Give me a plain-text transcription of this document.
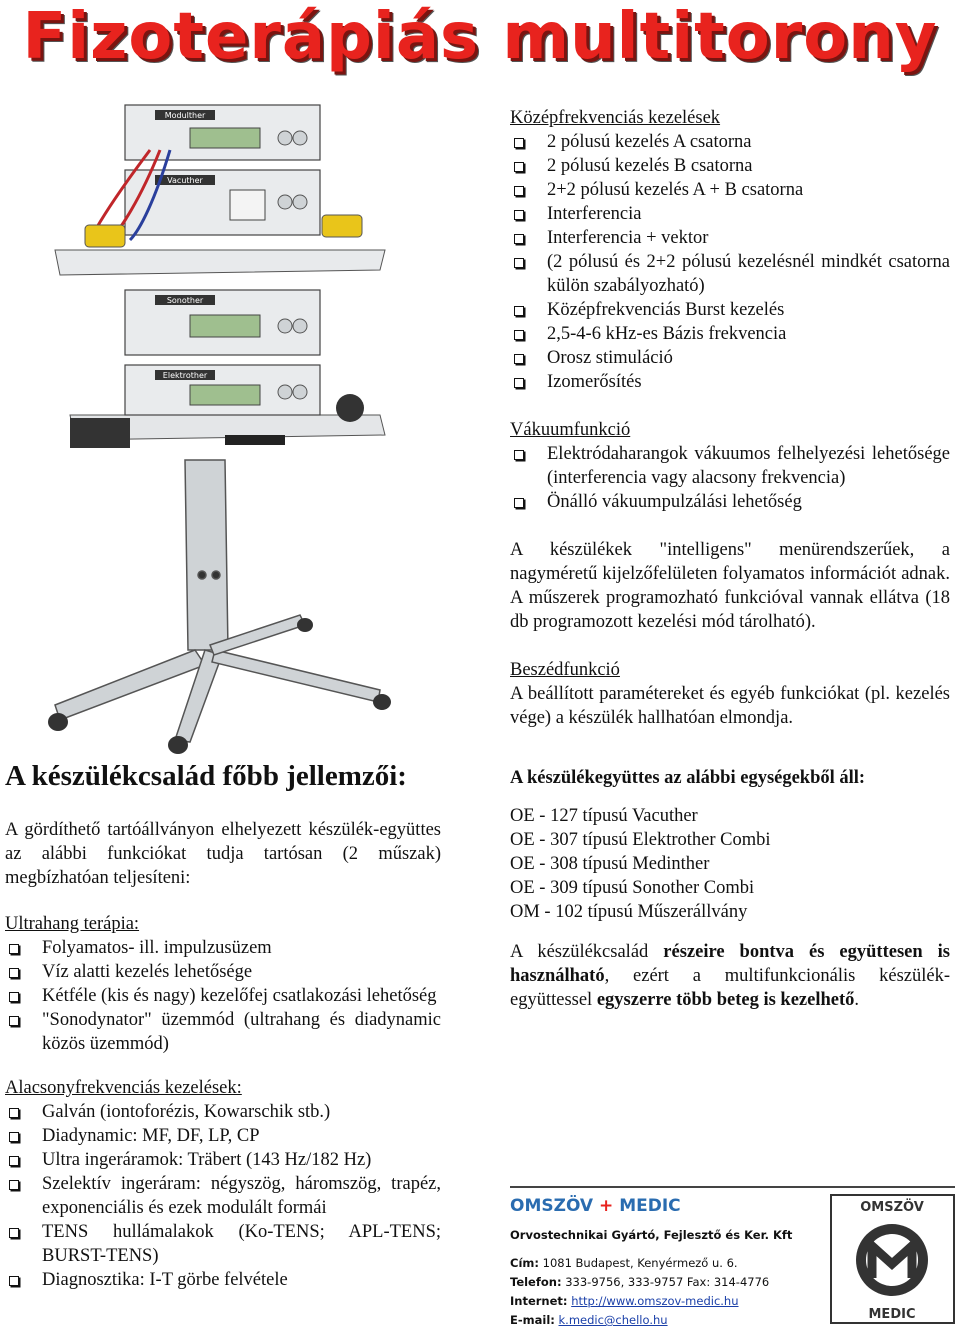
Fizoterápiás multitorony
Modulther
Vacuther
Sonother
Elektrother
Középfrekvenciás kezelések
2 pólusú kezelés A csatorna
2 pólusú kezelés B csatorna
2+2 pólusú kezelés A + B csatorna
Interferencia
Interferencia + vektor
(2 pólusú és 2+2 pólusú kezelésnél mindkét csatorna külön szabályozható)
Középfrekvenciás Burst kezelés
2,5-4-6 kHz-es Bázis frekvencia
Orosz stimuláció
Izomerősítés
Vákuumfunkció
Elektródaharangok vákuumos felhelyezési lehetősége (interferencia vagy alacsony frekvencia)
Önálló vákuumpulzálási lehetőség

A készülékek "intelligens" menürendszerűek, a nagyméretű kijelzőfelületen folyamatos információt adnak. A műszerek programozható funkcióval vannak ellátva (18 db programozott kezelési mód tárolható).

Beszédfunkció

A beállított paramétereket és egyéb funkciókat (pl. kezelés vége) a készülék hallhatóan elmondja.

A készülékegyüttes az alábbi egységekből áll:
OE - 127 típusú Vacuther
OE - 307 típusú Elektrother Combi
OE - 308 típusú Medinther
OE - 309 típusú Sonother Combi
OM - 102 típusú Műszerállvány

A készülékcsalád részeire bontva és együttesen is használható, ezért a multifunkcionális készülék-együttessel egyszerre több beteg is kezelhető.

A készülékcsalád főbb jellemzői:

A gördíthető tartóállványon elhelyezett készülék-együttes az alábbi funkciókat tudja tartósan (2 műszak) megbízhatóan teljesíteni:

Ultrahang terápia:
Folyamatos- ill. impulzusüzem
Víz alatti kezelés lehetősége
Kétféle (kis és nagy) kezelőfej csatlakozási lehetőség
"Sonodynator" üzemmód (ultrahang és diadynamic közös üzemmód)
Alacsonyfrekvenciás kezelések:
Galván (iontoforézis, Kowarschik stb.)
Diadynamic: MF, DF, LP, CP
Ultra ingeráramok: Träbert (143 Hz/182 Hz)
Szelektív ingeráram: négyszög, háromszög, trapéz, exponenciális és ezek modulált formái
TENS hullámalakok (Ko-TENS; APL-TENS; BURST-TENS)
Diagnosztika: I-T görbe felvétele
OMSZÖV + MEDIC
Orvostechnikai Gyártó, Fejlesztő és Ker. Kft
Cím: 1081 Budapest, Kenyérmező u. 6.
Telefon: 333-9756, 333-9757 Fax: 314-4776
Internet: http://www.omszov-medic.hu
E-mail: k.medic@chello.hu
OMSZÖV
MEDIC
